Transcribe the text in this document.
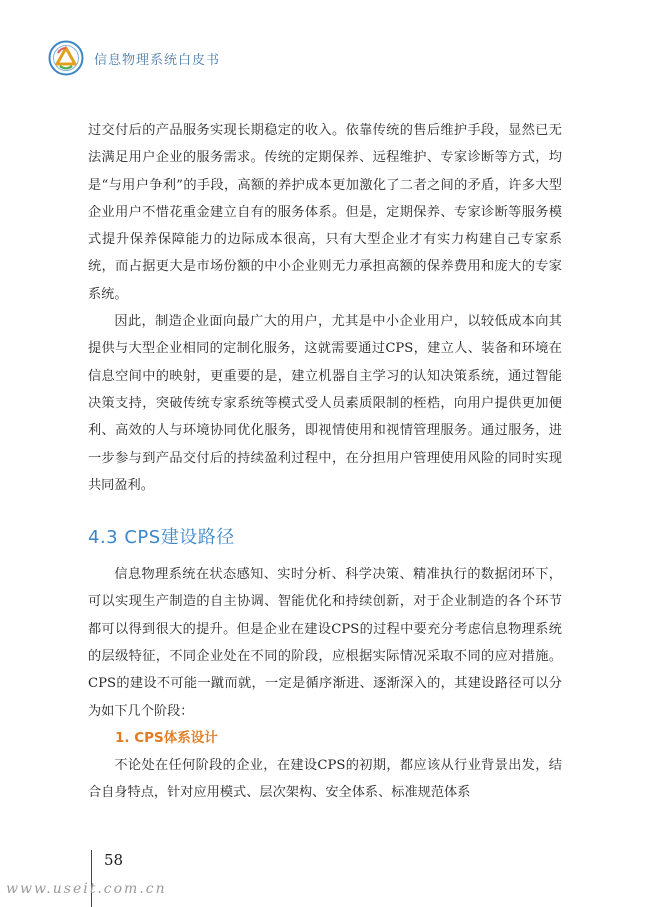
信息物理系统白皮书

过交付后的产品服务实现长期稳定的收入。依靠传统的售后维护手段，显然已无法满足用户企业的服务需求。传统的定期保养、远程维护、专家诊断等方式，均是“与用户争利”的手段，高额的养护成本更加激化了二者之间的矛盾，许多大型企业用户不惜花重金建立自有的服务体系。但是，定期保养、专家诊断等服务模式提升保养保障能力的边际成本很高，只有大型企业才有实力构建自己专家系统，而占据更大是市场份额的中小企业则无力承担高额的保养费用和庞大的专家系统。

因此，制造企业面向最广大的用户，尤其是中小企业用户，以较低成本向其提供与大型企业相同的定制化服务，这就需要通过CPS，建立人、装备和环境在信息空间中的映射，更重要的是，建立机器自主学习的认知决策系统，通过智能决策支持，突破传统专家系统等模式受人员素质限制的桎梏，向用户提供更加便利、高效的人与环境协同优化服务，即视情使用和视情管理服务。通过服务，进一步参与到产品交付后的持续盈利过程中，在分担用户管理使用风险的同时实现共同盈利。

4.3 CPS建设路径

信息物理系统在状态感知、实时分析、科学决策、精准执行的数据闭环下，可以实现生产制造的自主协调、智能优化和持续创新，对于企业制造的各个环节都可以得到很大的提升。但是企业在建设CPS的过程中要充分考虑信息物理系统的层级特征，不同企业处在不同的阶段，应根据实际情况采取不同的应对措施。CPS的建设不可能一蹴而就，一定是循序渐进、逐渐深入的，其建设路径可以分为如下几个阶段：

1. CPS体系设计

不论处在任何阶段的企业，在建设CPS的初期，都应该从行业背景出发，结合自身特点，针对应用模式、层次架构、安全体系、标准规范体系

58
www.useit.com.cn
